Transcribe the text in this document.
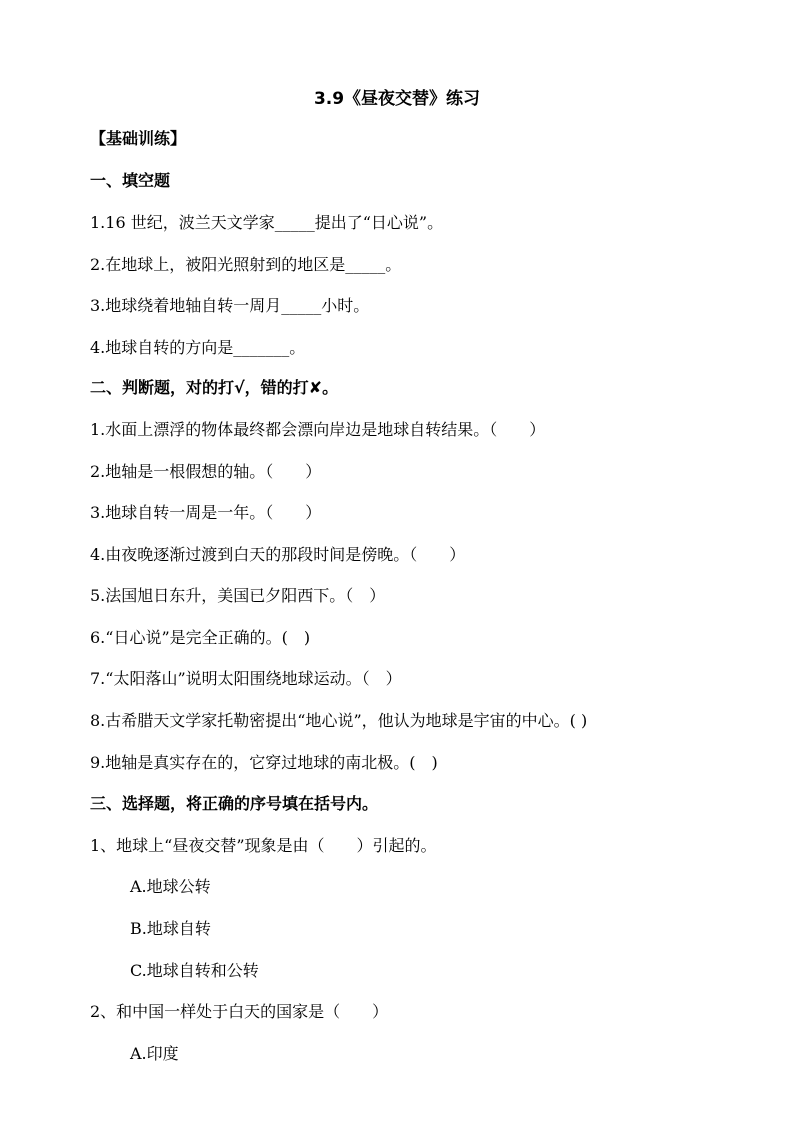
3.9《昼夜交替》练习
【基础训练】
一、填空题
1.16 世纪，波兰天文学家_____提出了“日心说”。
2.在地球上，被阳光照射到的地区是_____。
3.地球绕着地轴自转一周月_____小时。
4.地球自转的方向是_______。
二、判断题，对的打√，错的打✘。
1.水面上漂浮的物体最终都会漂向岸边是地球自转结果。（　　）
2.地轴是一根假想的轴。（　　）
3.地球自转一周是一年。（　　）
4.由夜晚逐渐过渡到白天的那段时间是傍晚。（　　）
5.法国旭日东升，美国已夕阳西下。（　）
6.“日心说”是完全正确的。(　)
7.“太阳落山”说明太阳围绕地球运动。（　）
8.古希腊天文学家托勒密提出“地心说”，他认为地球是宇宙的中心。( )
9.地轴是真实存在的，它穿过地球的南北极。(　)
三、选择题，将正确的序号填在括号内。
1、地球上“昼夜交替”现象是由（　　）引起的。
A.地球公转
B.地球自转
C.地球自转和公转
2、和中国一样处于白天的国家是（　　）
A.印度
